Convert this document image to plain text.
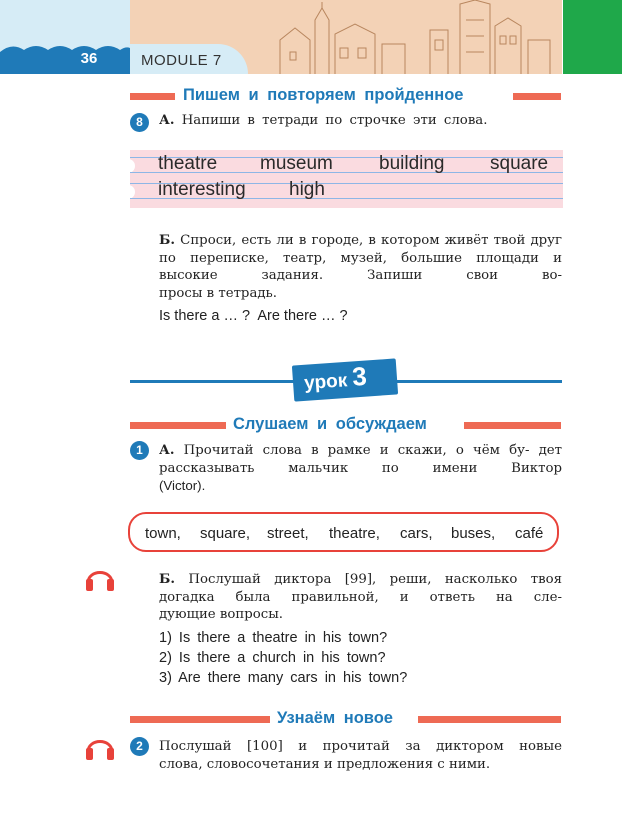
36	MODULE 7
Пишем и повторяем пройденное
8	А. Напиши в тетради по строчке эти слова.
theatre museum building square
interesting high
Б. Спроси, есть ли в городе, в котором живёт твой друг по переписке, театр, музей, большие площади и высокие задания. Запиши свои во-
просы в тетрадь.
Is there a … ?  Are there … ?
урок 3
Слушаем и обсуждаем
1	А. Прочитай слова в рамке и скажи, о чём бу- дет рассказывать мальчик по имени Виктор
(Victor).
town, square, street, theatre, cars, buses, café
Б. Послушай диктора [99], реши, насколько твоя догадка была правильной, и ответь на сле-
дующие вопросы.
1) Is there a theatre in his town?
2) Is there a church in his town?
3) Are there many cars in his town?
Узнаём новое
2	Послушай [100] и прочитай за диктором новые
слова, словосочетания и предложения с ними.
